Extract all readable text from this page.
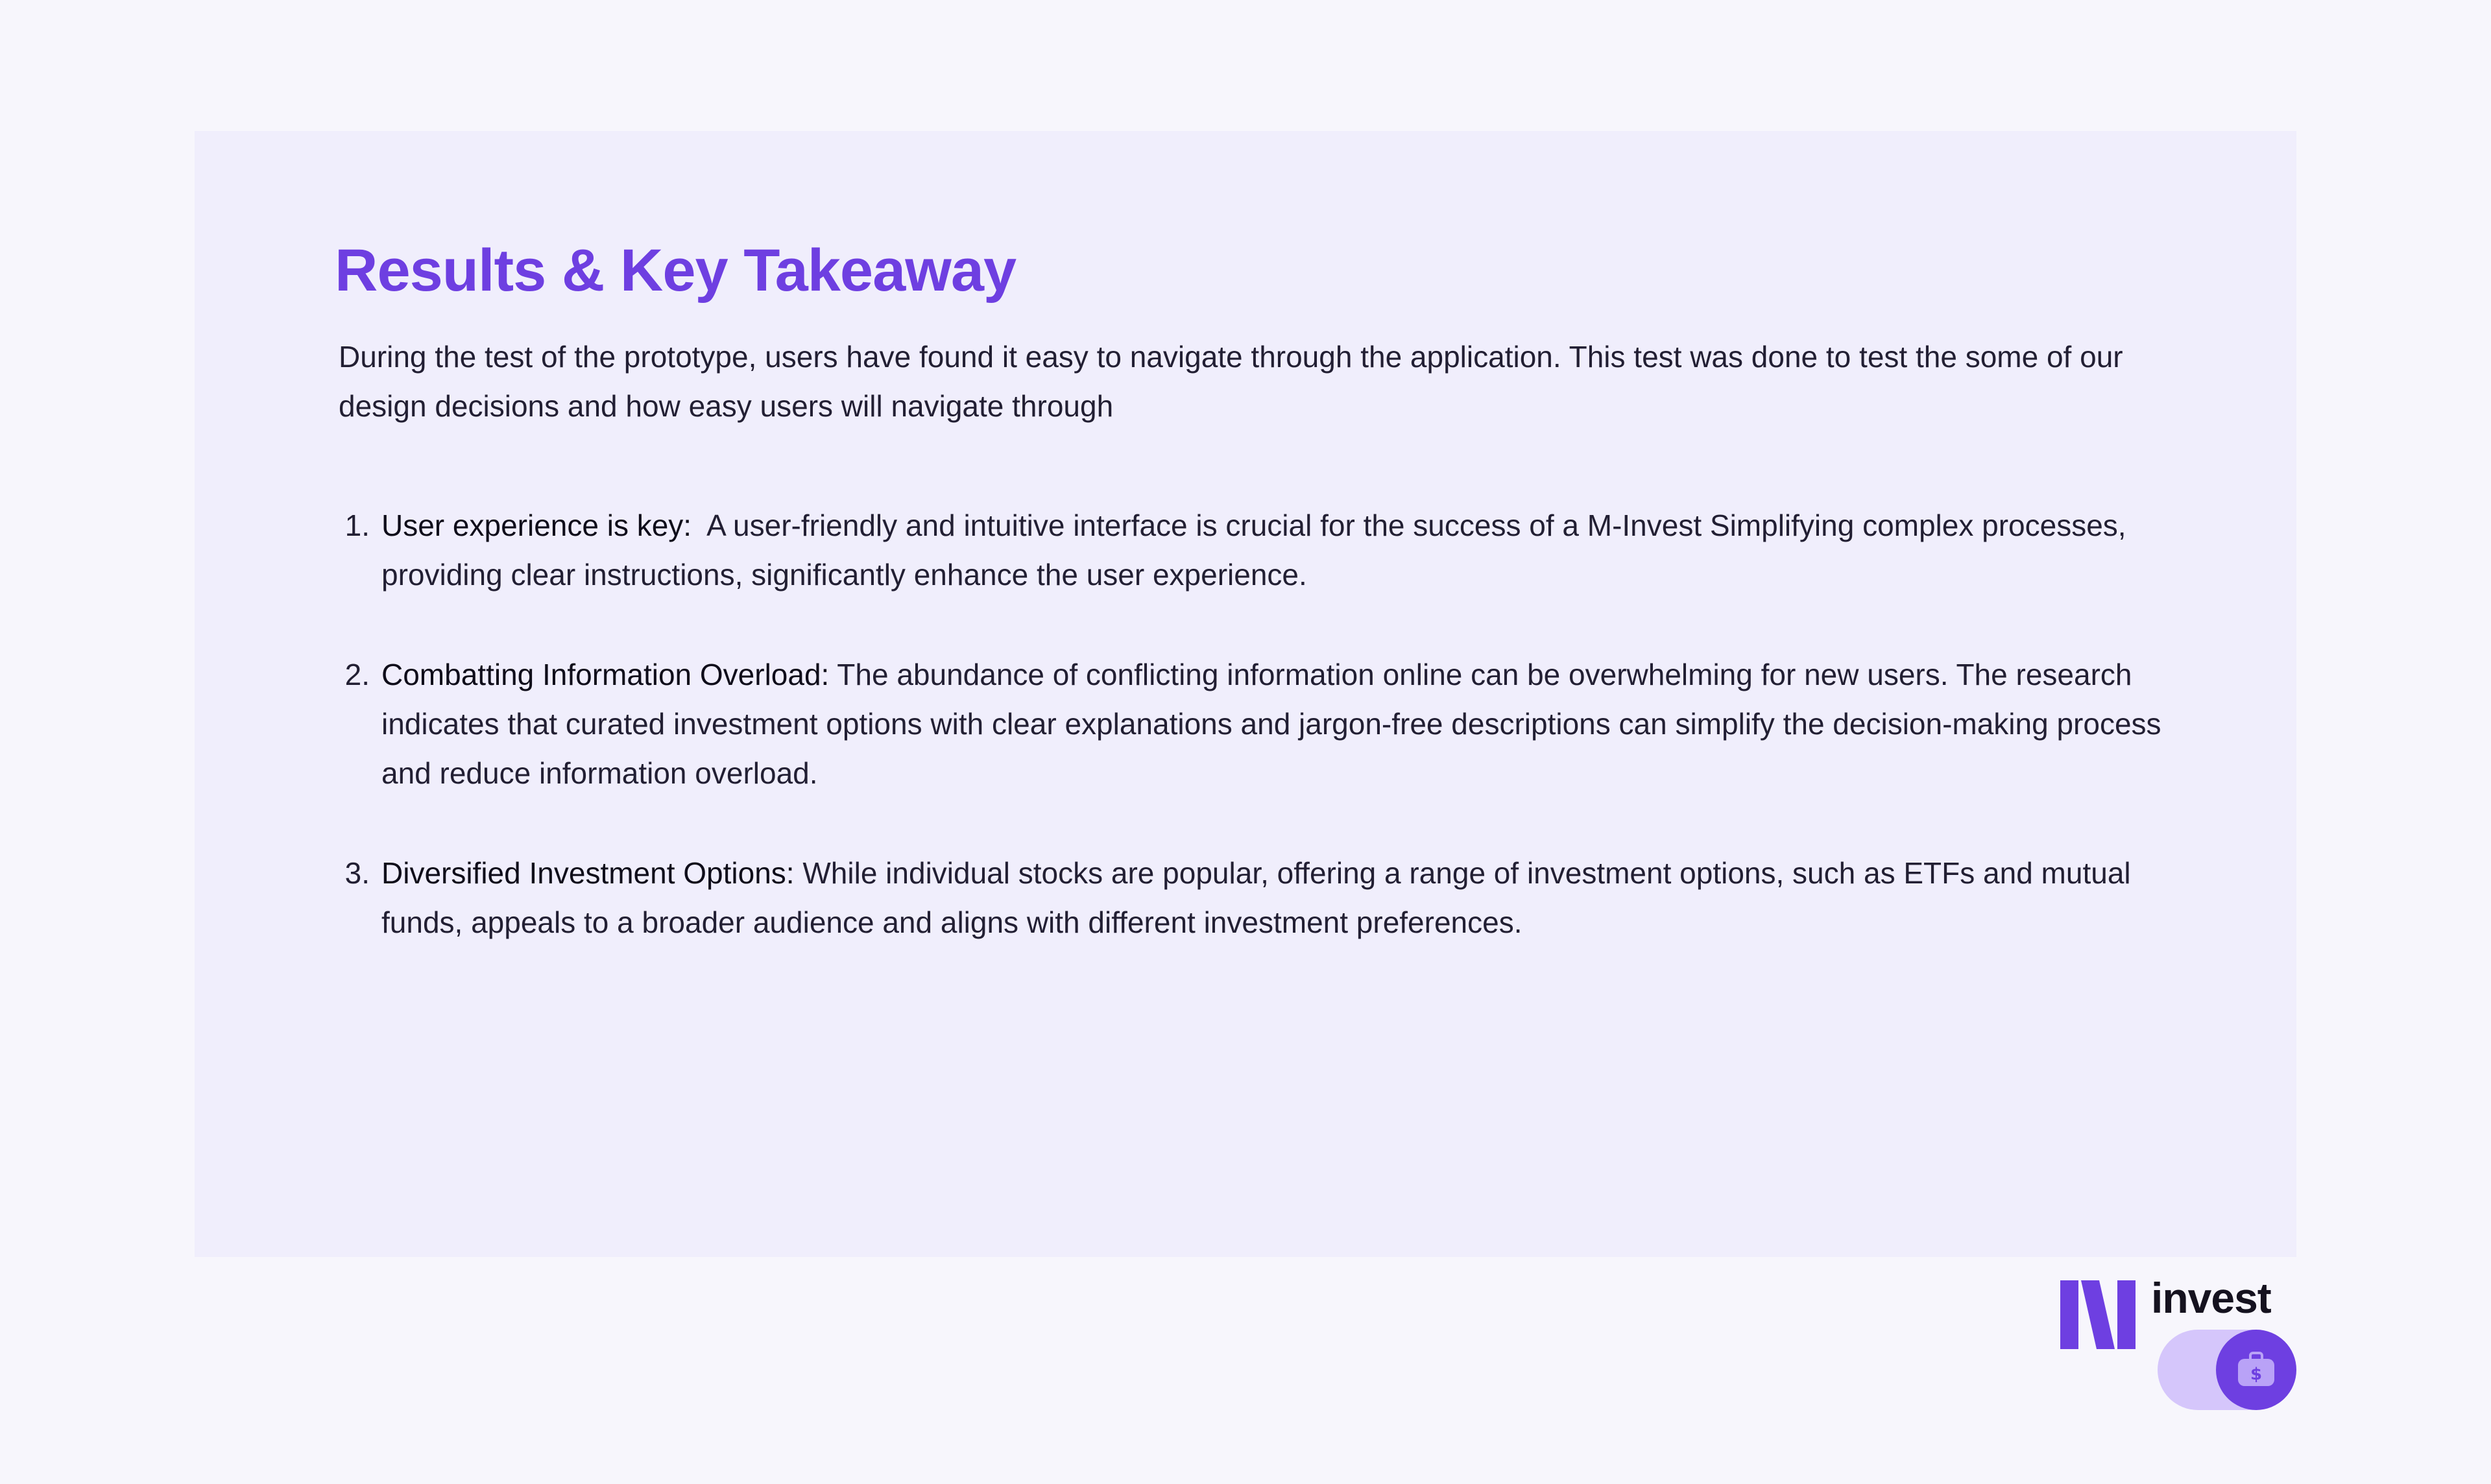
Results & Key Takeaway

During the test of the prototype, users have found it easy to navigate through the application. This test was done to test the some of our design decisions and how easy users will navigate through

1. User experience is key:  A user-friendly and intuitive interface is crucial for the success of a M-Invest Simplifying complex processes, providing clear instructions, significantly enhance the user experience.
2. Combatting Information Overload: The abundance of conflicting information online can be overwhelming for new users. The research indicates that curated investment options with clear explanations and jargon-free descriptions can simplify the decision-making process and reduce information overload.
3. Diversified Investment Options: While individual stocks are popular, offering a range of investment options, such as ETFs and mutual funds, appeals to a broader audience and aligns with different investment preferences.
invest
$
